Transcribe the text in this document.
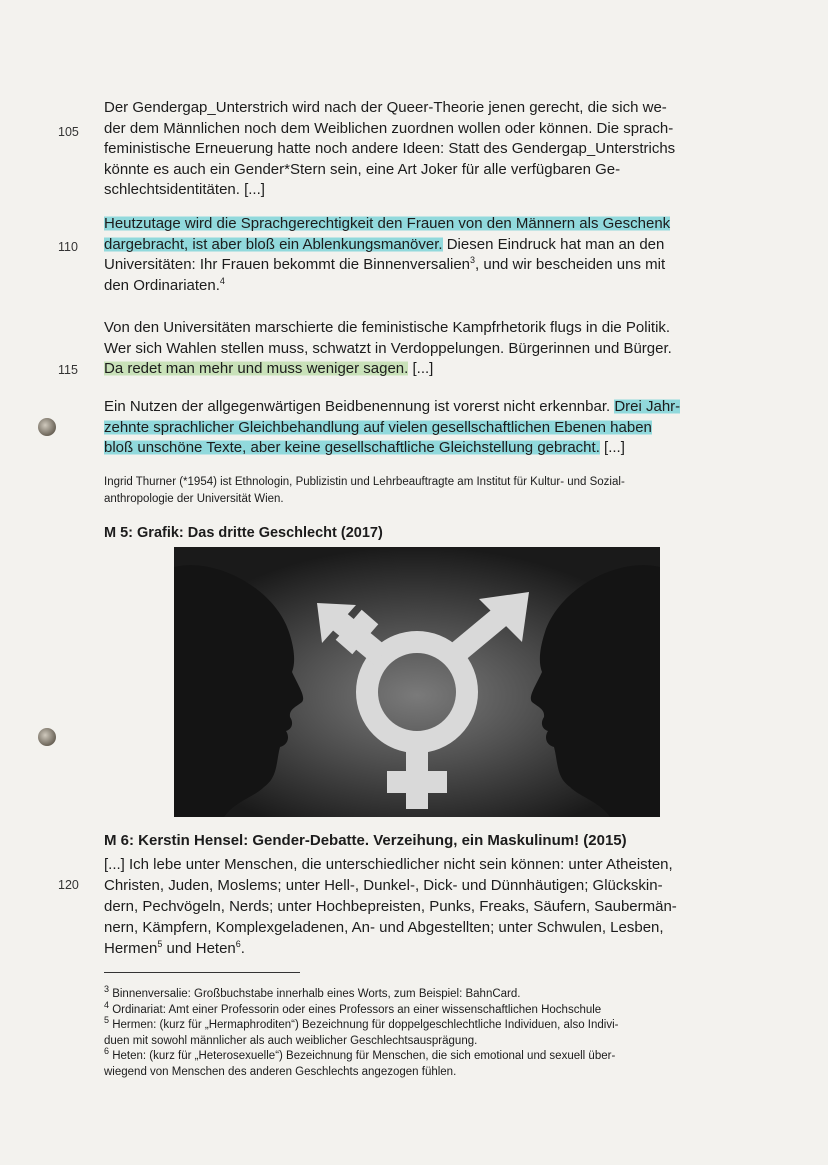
105
110
115
120
Der Gendergap_Unterstrich wird nach der Queer-Theorie jenen gerecht, die sich we-
der dem Männlichen noch dem Weiblichen zuordnen wollen oder können. Die sprach-
feministische Erneuerung hatte noch andere Ideen: Statt des Gendergap_Unterstrichs
könnte es auch ein Gender*Stern sein, eine Art Joker für alle verfügbaren Ge-
schlechtsidentitäten. [...]
Heutzutage wird die Sprachgerechtigkeit den Frauen von den Männern als Geschenk
dargebracht, ist aber bloß ein Ablenkungsmanöver. Diesen Eindruck hat man an den
Universitäten: Ihr Frauen bekommt die Binnenversalien$^3$, und wir bescheiden uns mit
den Ordinariaten.$^4$
Von den Universitäten marschierte die feministische Kampfrhetorik flugs in die Politik.
Wer sich Wahlen stellen muss, schwatzt in Verdoppelungen. Bürgerinnen und Bürger.
Da redet man mehr und muss weniger sagen. [...]
Ein Nutzen der allgegenwärtigen Beidbenennung ist vorerst nicht erkennbar. Drei Jahr-
zehnte sprachlicher Gleichbehandlung auf vielen gesellschaftlichen Ebenen haben
bloß unschöne Texte, aber keine gesellschaftliche Gleichstellung gebracht. [...]
Ingrid Thurner (*1954) ist Ethnologin, Publizistin und Lehrbeauftragte am Institut für Kultur- und Sozial-
anthropologie der Universität Wien.
M 5: Grafik: Das dritte Geschlecht (2017)
M 6: Kerstin Hensel: Gender-Debatte. Verzeihung, ein Maskulinum! (2015)
[...] Ich lebe unter Menschen, die unterschiedlicher nicht sein können: unter Atheisten,
Christen, Juden, Moslems; unter Hell-, Dunkel-, Dick- und Dünnhäutigen; Glückskin-
dern, Pechvögeln, Nerds; unter Hochbepreisten, Punks, Freaks, Säufern, Saubermän-
nern, Kämpfern, Komplexgeladenen, An- und Abgestellten; unter Schwulen, Lesben,
Hermen$^5$ und Heten$^6$.
$^3$ Binnenversalie: Großbuchstabe innerhalb eines Worts, zum Beispiel: BahnCard.
$^4$ Ordinariat: Amt einer Professorin oder eines Professors an einer wissenschaftlichen Hochschule
$^5$ Hermen: (kurz für „Hermaphroditen“) Bezeichnung für doppelgeschlechtliche Individuen, also Indivi-
duen mit sowohl männlicher als auch weiblicher Geschlechtsausprägung.
$^6$ Heten: (kurz für „Heterosexuelle“) Bezeichnung für Menschen, die sich emotional und sexuell über-
wiegend von Menschen des anderen Geschlechts angezogen fühlen.
